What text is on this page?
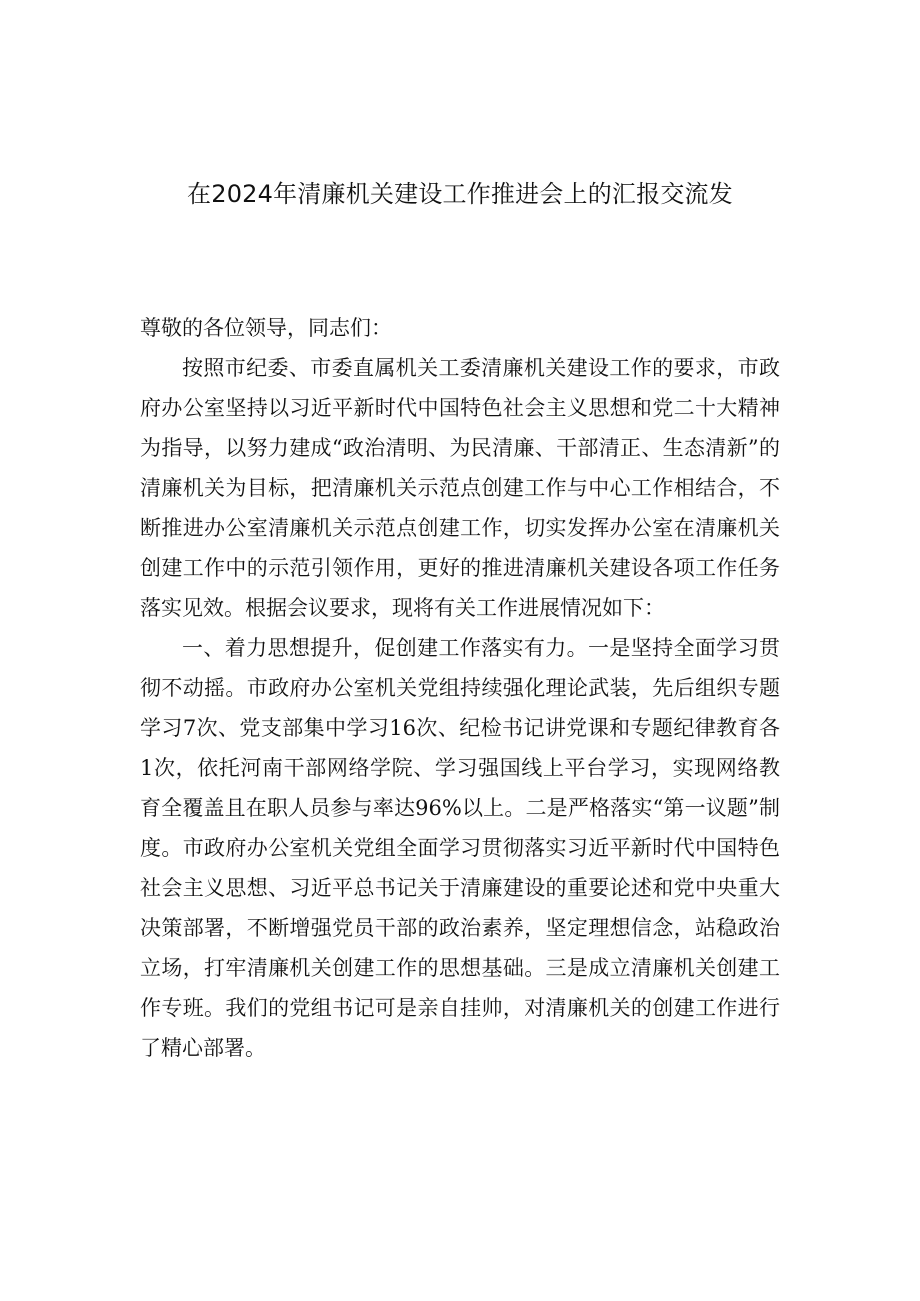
在2024年清廉机关建设工作推进会上的汇报交流发

尊敬的各位领导，同志们：

按照市纪委、市委直属机关工委清廉机关建设工作的要求，市政府办公室坚持以习近平新时代中国特色社会主义思想和党二十大精神为指导，以努力建成“政治清明、为民清廉、干部清正、生态清新”的清廉机关为目标，把清廉机关示范点创建工作与中心工作相结合，不断推进办公室清廉机关示范点创建工作，切实发挥办公室在清廉机关创建工作中的示范引领作用，更好的推进清廉机关建设各项工作任务落实见效。根据会议要求，现将有关工作进展情况如下：

一、着力思想提升，促创建工作落实有力。一是坚持全面学习贯彻不动摇。市政府办公室机关党组持续强化理论武装，先后组织专题学习7次、党支部集中学习16次、纪检书记讲党课和专题纪律教育各1次，依托河南干部网络学院、学习强国线上平台学习，实现网络教育全覆盖且在职人员参与率达96%以上。二是严格落实“第一议题”制度。市政府办公室机关党组全面学习贯彻落实习近平新时代中国特色社会主义思想、习近平总书记关于清廉建设的重要论述和党中央重大决策部署，不断增强党员干部的政治素养，坚定理想信念，站稳政治立场，打牢清廉机关创建工作的思想基础。三是成立清廉机关创建工作专班。我们的党组书记可是亲自挂帅，对清廉机关的创建工作进行了精心部署。
